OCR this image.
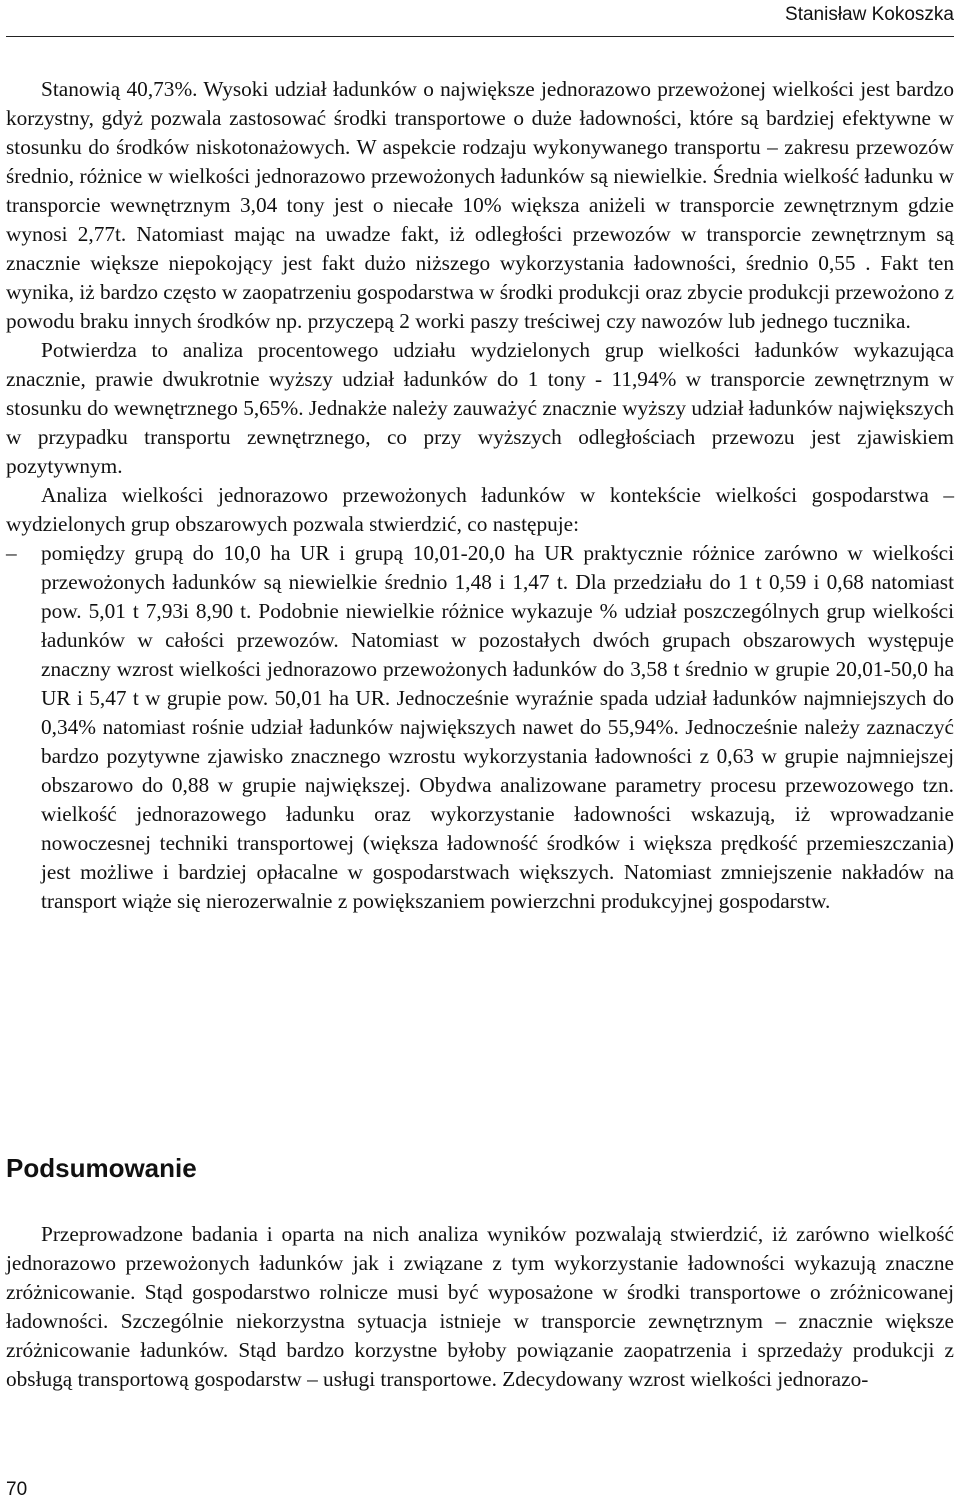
Stanisław Kokoszka

Stanowią 40,73%. Wysoki udział ładunków o największe jednorazowo przewożonej wielkości jest bardzo korzystny, gdyż pozwala zastosować środki transportowe o duże ładowności, które są bardziej efektywne w stosunku do środków niskotonażowych. W aspekcie rodzaju wykonywanego transportu – zakresu przewozów średnio, różnice w wielkości jednorazowo przewożonych ładunków są niewielkie. Średnia wielkość ładunku w transporcie wewnętrznym 3,04 tony jest o niecałe 10% większa aniżeli w transporcie zewnętrznym gdzie wynosi 2,77t. Natomiast mając na uwadze fakt, iż odległości przewozów w transporcie zewnętrznym są znacznie większe niepokojący jest fakt dużo niższego wykorzystania ładowności, średnio 0,55 . Fakt ten wynika, iż bardzo często w zaopatrzeniu gospodarstwa w środki produkcji oraz zbycie produkcji przewożono z powodu braku innych środków np. przyczepą 2 worki paszy treściwej czy nawozów lub jednego tucznika.

Potwierdza to analiza procentowego udziału wydzielonych grup wielkości ładunków wykazująca znacznie, prawie dwukrotnie wyższy udział ładunków do 1 tony - 11,94% w transporcie zewnętrznym w stosunku do wewnętrznego 5,65%. Jednakże należy zauważyć znacznie wyższy udział ładunków największych w przypadku transportu zewnętrznego, co przy wyższych odległościach przewozu jest zjawiskiem pozytywnym.

Analiza wielkości jednorazowo przewożonych ładunków w kontekście wielkości gospodarstwa – wydzielonych grup obszarowych pozwala stwierdzić, co następuje:

– pomiędzy grupą do 10,0 ha UR i grupą 10,01-20,0 ha UR praktycznie różnice zarówno w wielkości przewożonych ładunków są niewielkie średnio 1,48 i 1,47 t. Dla przedziału do 1 t 0,59 i 0,68 natomiast pow. 5,01 t 7,93i 8,90 t. Podobnie niewielkie różnice wykazuje % udział poszczególnych grup wielkości ładunków w całości przewozów. Natomiast w pozostałych dwóch grupach obszarowych występuje znaczny wzrost wielkości jednorazowo przewożonych ładunków do 3,58 t średnio w grupie 20,01-50,0 ha UR i 5,47 t w grupie pow. 50,01 ha UR. Jednocześnie wyraźnie spada udział ładunków najmniejszych do 0,34% natomiast rośnie udział ładunków największych nawet do 55,94%. Jednocześnie należy zaznaczyć bardzo pozytywne zjawisko znacznego wzrostu wykorzystania ładowności z 0,63 w grupie najmniejszej obszarowo do 0,88 w grupie największej. Obydwa analizowane parametry procesu przewozowego tzn. wielkość jednorazowego ładunku oraz wykorzystanie ładowności wskazują, iż wprowadzanie nowoczesnej techniki transportowej (większa ładowność środków i większa prędkość przemieszczania) jest możliwe i bardziej opłacalne w gospodarstwach większych. Natomiast zmniejszenie nakładów na transport wiąże się nierozerwalnie z powiększaniem powierzchni produkcyjnej gospodarstw.

Podsumowanie

Przeprowadzone badania i oparta na nich analiza wyników pozwalają stwierdzić, iż zarówno wielkość jednorazowo przewożonych ładunków jak i związane z tym wykorzystanie ładowności wykazują znaczne zróżnicowanie. Stąd gospodarstwo rolnicze musi być wyposażone w środki transportowe o zróżnicowanej ładowności. Szczególnie niekorzystna sytuacja istnieje w transporcie zewnętrznym – znacznie większe zróżnicowanie ładunków. Stąd bardzo korzystne byłoby powiązanie zaopatrzenia i sprzedaży produkcji z obsługą transportową gospodarstw – usługi transportowe. Zdecydowany wzrost wielkości jednorazo-

70
